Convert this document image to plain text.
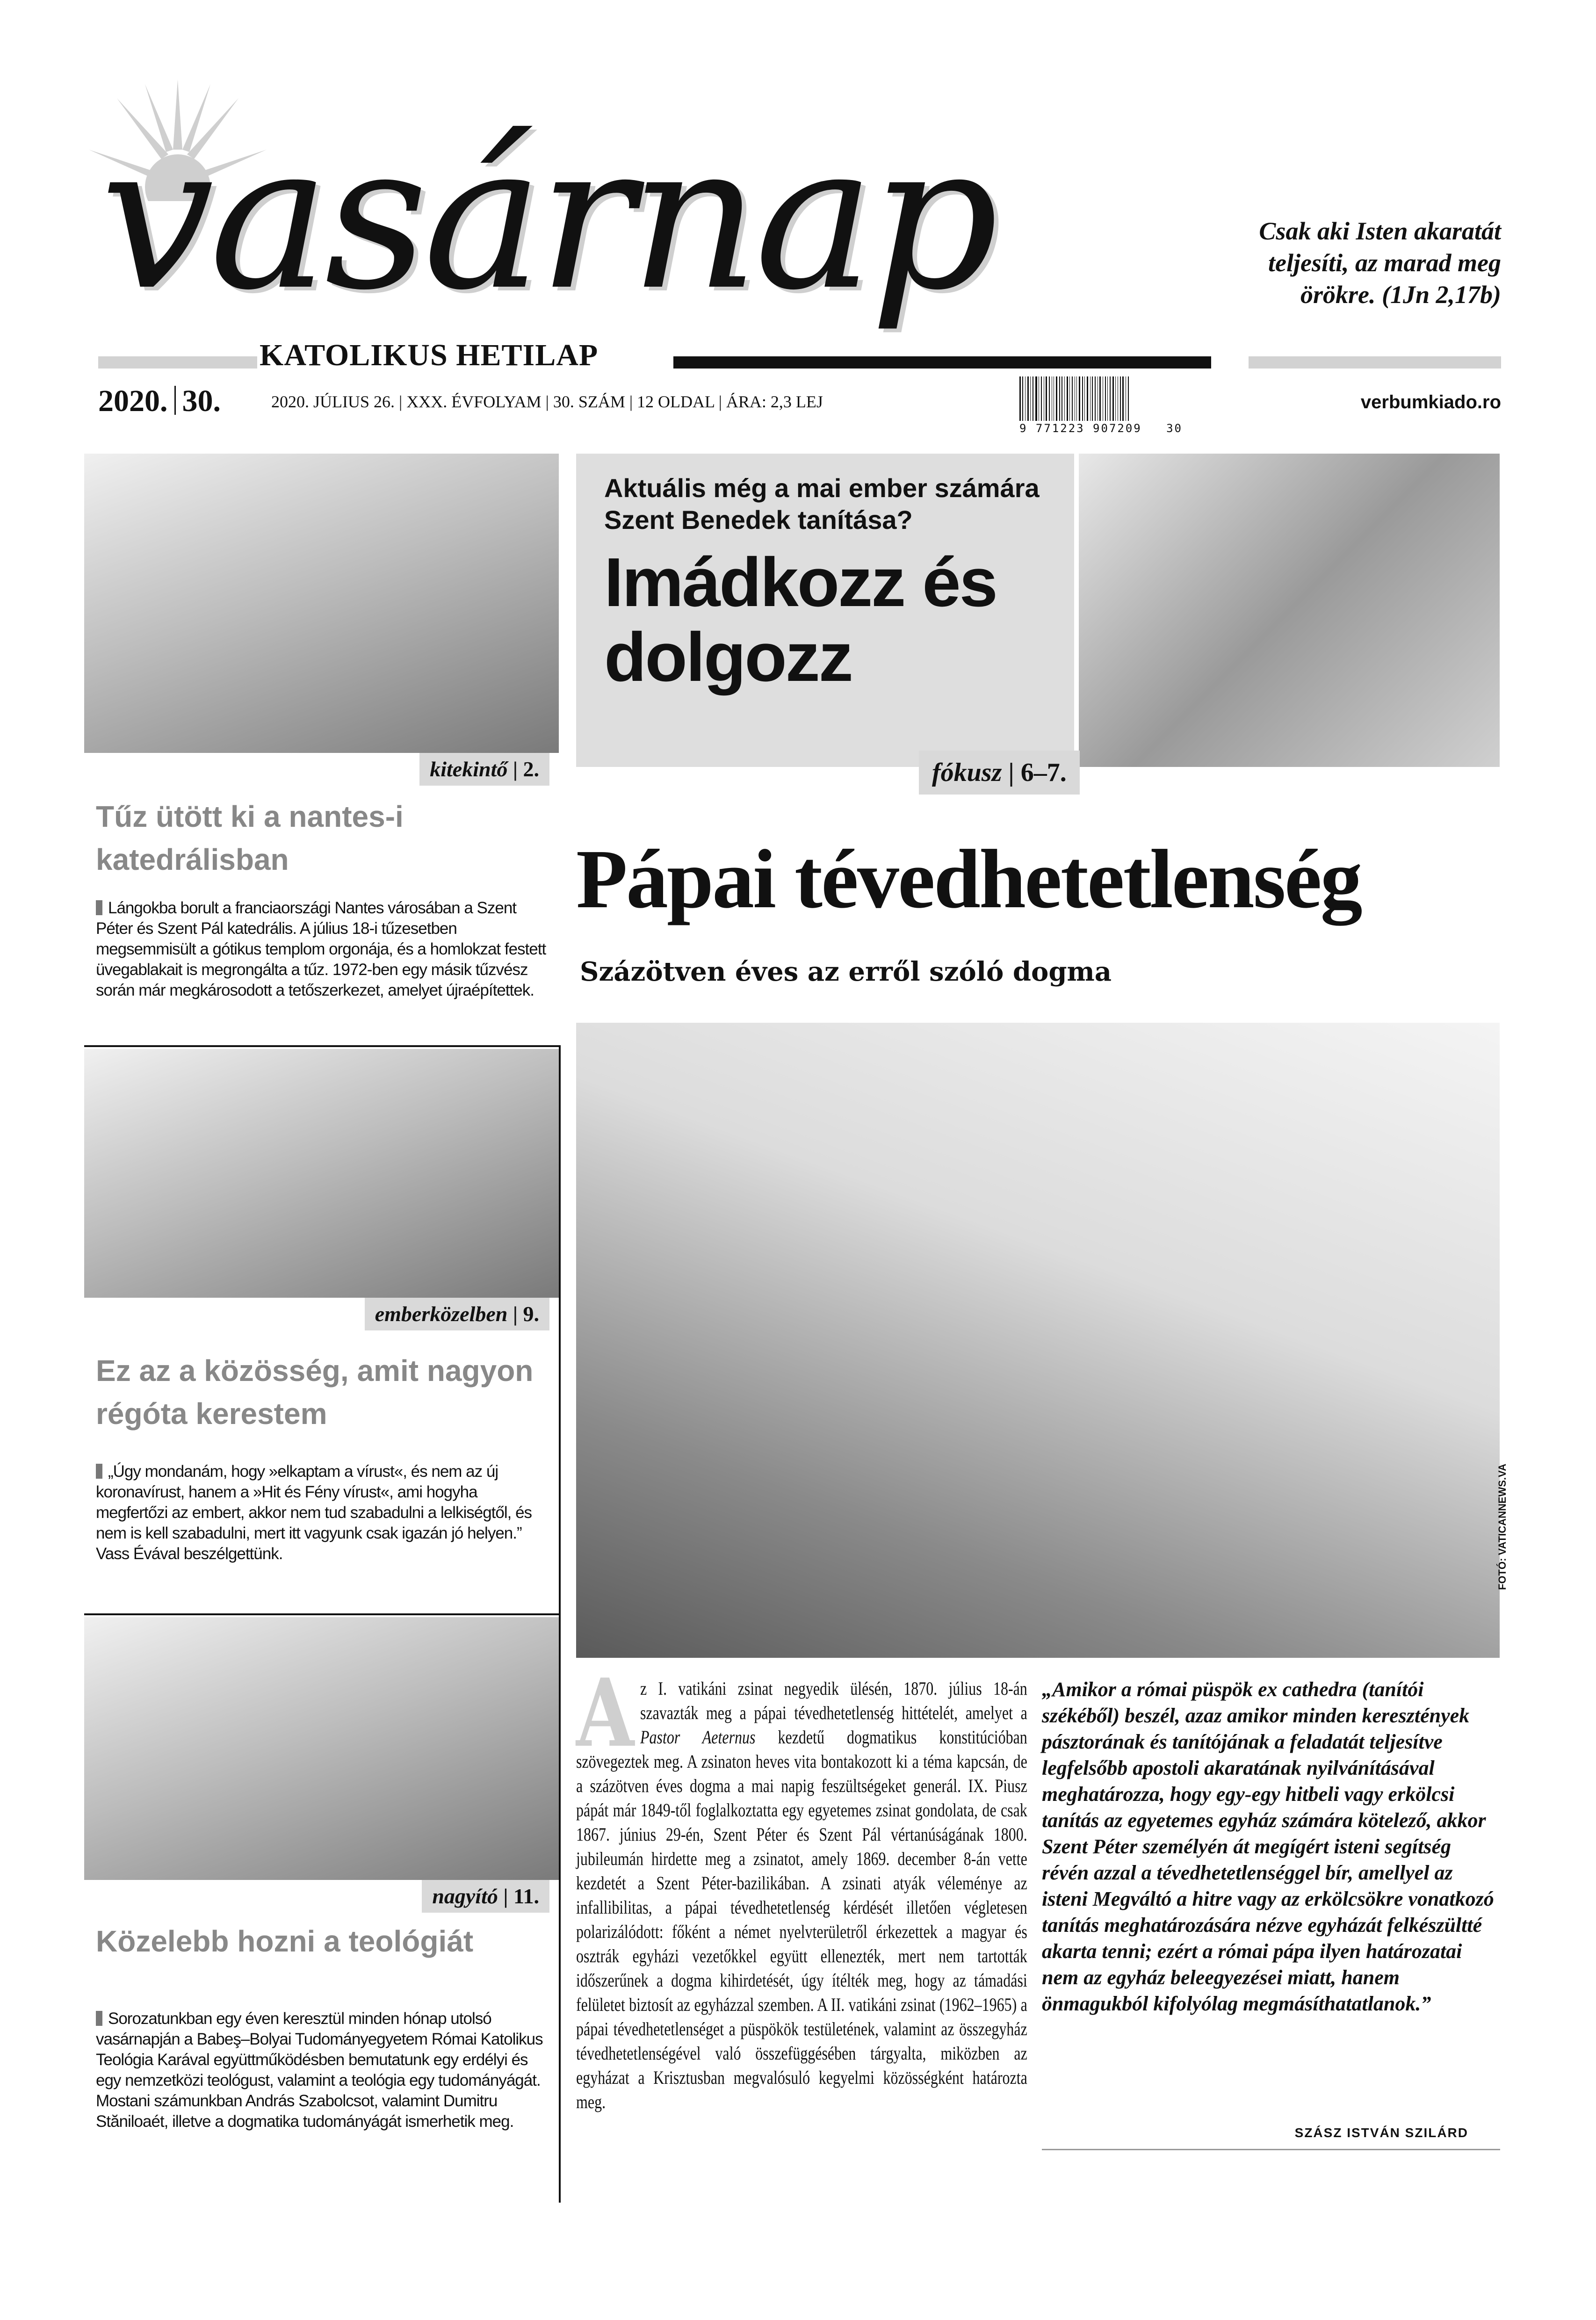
vasárnap
KATOLIKUS HETILAP
Csak aki Isten akaratát teljesíti, az marad meg örökre. (1Jn 2,17b)
2020. 30.	2020. JÚLIUS 26. | XXX. ÉVFOLYAM | 30. SZÁM | 12 OLDAL | ÁRA: 2,3 LEJ
9 771223 907209   30
verbumkiado.ro
kitekintő | 2.
Tűz ütött ki a nantes-i katedrálisban
Lángokba borult a franciaországi Nantes városában a Szent Péter és Szent Pál katedrális. A július 18-i tűzesetben megsemmisült a gótikus templom orgonája, és a homlokzat festett üvegablakait is megrongálta a tűz. 1972-ben egy másik tűzvész során már megkárosodott a tetőszerkezet, amelyet újraépítettek.
emberközelben | 9.
Ez az a közösség, amit nagyon régóta kerestem
„Úgy mondanám, hogy »elkaptam a vírust«, és nem az új koronavírust, hanem a »Hit és Fény vírust«, ami hogyha megfertőzi az embert, akkor nem tud szabadulni a lelkiségtől, és nem is kell szabadulni, mert itt vagyunk csak igazán jó helyen.” Vass Évával beszélgettünk.
nagyító | 11.
Közelebb hozni a teológiát
Sorozatunkban egy éven keresztül minden hónap utolsó vasárnapján a Babeş–Bolyai Tudományegyetem Római Katolikus Teológia Karával együttműködésben bemutatunk egy erdélyi és egy nemzetközi teológust, valamint a teológia egy tudományágát. Mostani számunkban András Szabolcsot, valamint Dumitru Stăniloaét, illetve a dogmatika tudományágát ismerhetik meg.
Aktuális még a mai ember számára Szent Benedek tanítása?
Imádkozz és dolgozz
fókusz | 6–7.
Pápai tévedhetetlenség
Százötven éves az erről szóló dogma
FOTÓ: VATICANNEWS.VA
Az I. vatikáni zsinat negyedik ülésén, 1870. július 18-án szavazták meg a pápai tévedhetetlenség hittételét, amelyet a Pastor Aeternus kezdetű dogmatikus konstitúcióban szövegeztek meg. A zsinaton heves vita bontakozott ki a téma kapcsán, de a százötven éves dogma a mai napig feszültségeket generál. IX. Piusz pápát már 1849-től foglalkoztatta egy egyetemes zsinat gondolata, de csak 1867. június 29-én, Szent Péter és Szent Pál vértanúságának 1800. jubileumán hirdette meg a zsinatot, amely 1869. december 8-án vette kezdetét a Szent Péter-bazilikában. A zsinati atyák véleménye az infallibilitas, a pápai tévedhetetlenség kérdését illetően végletesen polarizálódott: főként a német nyelvterületről érkezettek a magyar és osztrák egyházi vezetőkkel együtt ellenezték, mert nem tartották időszerűnek a dogma kihirdetését, úgy ítélték meg, hogy az támadási felületet biztosít az egyházzal szemben. A II. vatikáni zsinat (1962–1965) a pápai tévedhetetlenséget a püspökök testületének, valamint az összegyház tévedhetetlenségével való összefüggésében tárgyalta, miközben az egyházat a Krisztusban megvalósuló kegyelmi közösségként határozta meg.
„Amikor a római püspök ex cathedra (tanítói székéből) beszél, azaz amikor minden keresztények pásztorának és tanítójának a feladatát teljesítve legfelsőbb apostoli akaratának nyilvánításával meghatározza, hogy egy-egy hitbeli vagy erkölcsi tanítás az egyetemes egyház számára kötelező, akkor Szent Péter személyén át megígért isteni segítség révén azzal a tévedhetetlenséggel bír, amellyel az isteni Megváltó a hitre vagy az erkölcsökre vonatkozó tanítás meghatározására nézve egyházát felkészültté akarta tenni; ezért a római pápa ilyen határozatai nem az egyház beleegyezései miatt, hanem önmagukból kifolyólag megmásíthatatlanok.”
SZÁSZ ISTVÁN SZILÁRD
